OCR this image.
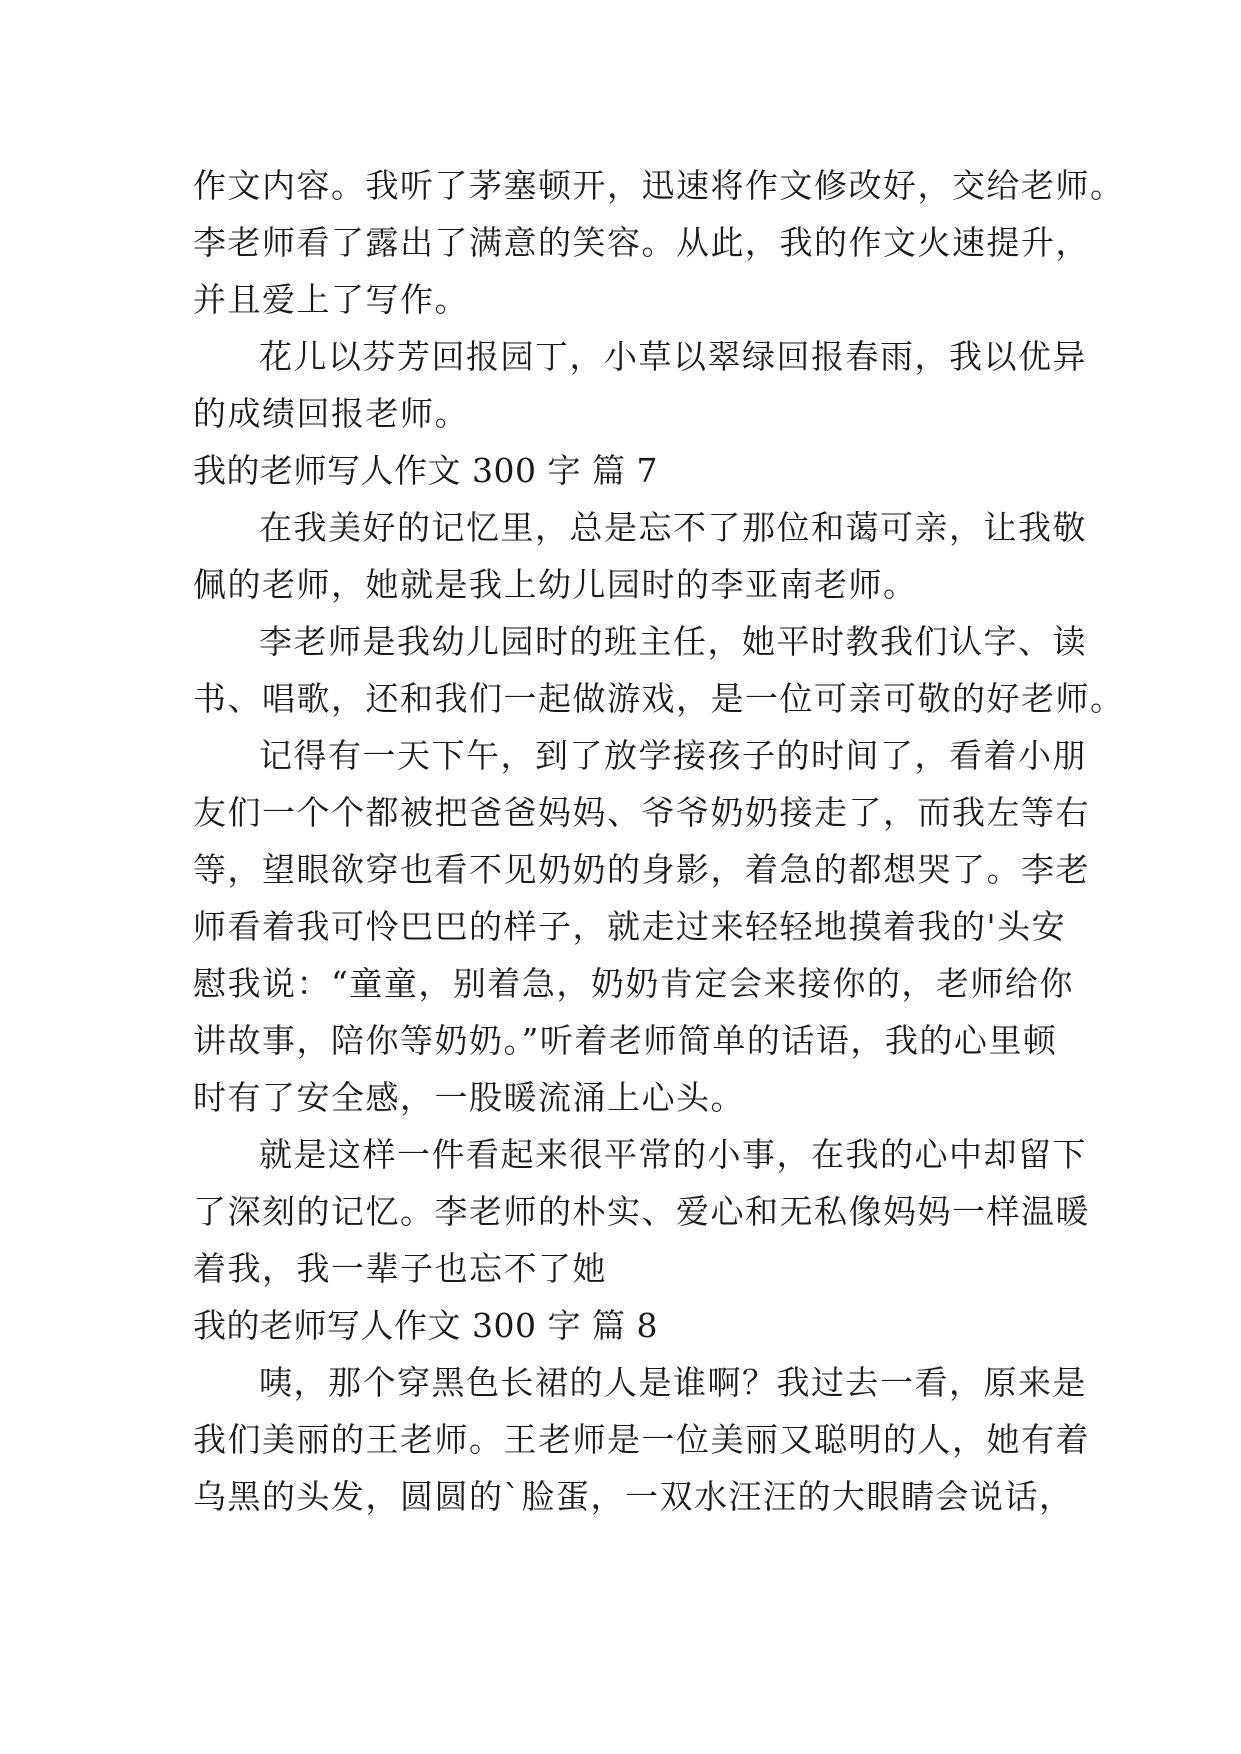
作文内容。我听了茅塞顿开，迅速将作文修改好，交给老师。
李老师看了露出了满意的笑容。从此，我的作文火速提升，
并且爱上了写作。
花儿以芬芳回报园丁，小草以翠绿回报春雨，我以优异
的成绩回报老师。
我的老师写人作文 300 字 篇 7
在我美好的记忆里，总是忘不了那位和蔼可亲，让我敬
佩的老师，她就是我上幼儿园时的李亚南老师。
李老师是我幼儿园时的班主任，她平时教我们认字、读
书、唱歌，还和我们一起做游戏，是一位可亲可敬的好老师。
记得有一天下午，到了放学接孩子的时间了，看着小朋
友们一个个都被把爸爸妈妈、爷爷奶奶接走了，而我左等右
等，望眼欲穿也看不见奶奶的身影，着急的都想哭了。李老
师看着我可怜巴巴的样子，就走过来轻轻地摸着我的'头安
慰我说：“童童，别着急，奶奶肯定会来接你的，老师给你
讲故事，陪你等奶奶。”听着老师简单的话语，我的心里顿
时有了安全感，一股暖流涌上心头。
就是这样一件看起来很平常的小事，在我的心中却留下
了深刻的记忆。李老师的朴实、爱心和无私像妈妈一样温暖
着我，我一辈子也忘不了她
我的老师写人作文 300 字 篇 8
咦，那个穿黑色长裙的人是谁啊？我过去一看，原来是
我们美丽的王老师。王老师是一位美丽又聪明的人，她有着
乌黑的头发，圆圆的`脸蛋，一双水汪汪的大眼睛会说话，
